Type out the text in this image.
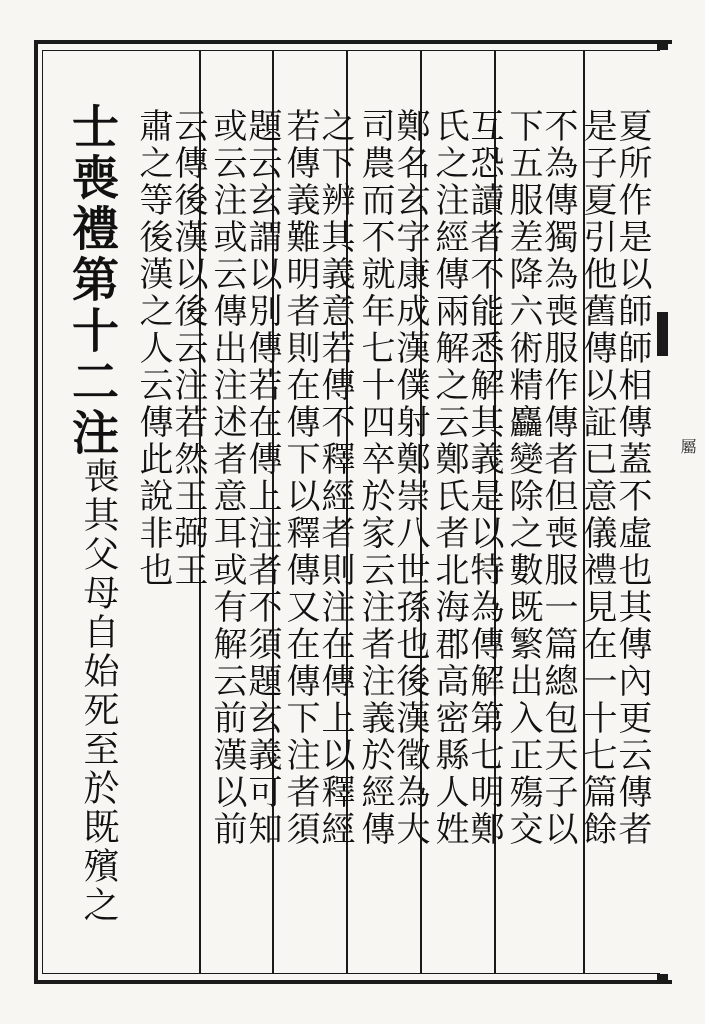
夏所作是以師師相傳蓋不虛也其傳內更云傳者
是子夏引他舊傳以証已意儀禮見在一十七篇餘
不為傳獨為喪服作傳者但喪服一篇總包天子以
下五服差降六術精麤變除之數既繁出入正殤交
互恐讀者不能悉解其義是以特為傳解第七明鄭
氏之注經傳兩解之云鄭氏者北海郡高密縣人姓
鄭名玄字康成漢僕射鄭崇八世孫也後漢徵為大
司農而不就年七十四卒於家云注者注義於經傳
之下辨其義意若傳不釋經者則注在傳上以釋經
若傳義難明者則在傳下以釋傳又在傳下注者須
題云玄謂以別傳若在傳上注者不須題玄義可知
或云注或云傳出注述者意耳或有解云前漢以前
云傳後漢以後云注若然王弼王
肅之等後漢之人云傳此說非也
士喪禮第十二注
士喪其父母自始死至於既殯之	屬
